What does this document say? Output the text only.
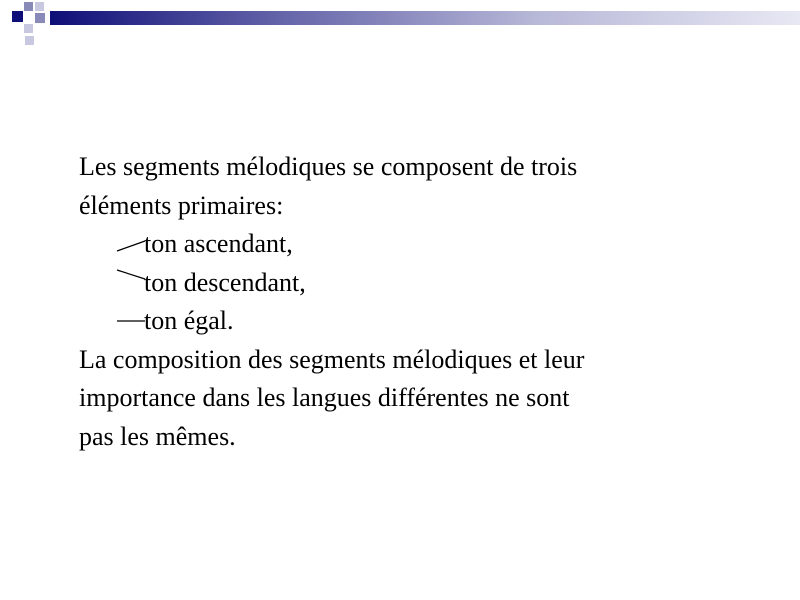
Les segments mélodiques se composent de trois
éléments primaires:
ton ascendant,
ton descendant,
ton égal.
La composition des segments mélodiques et leur
importance dans les langues différentes ne sont
pas les mêmes.
